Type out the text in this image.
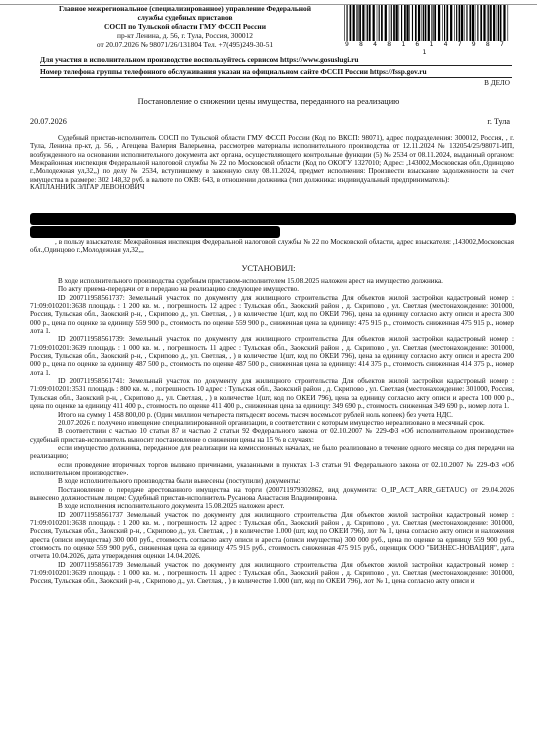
Главное межрегиональное (специализированное) управление Федеральной
службы судебных приставов
СОСП по Тульской области ГМУ ФССП России
пр-кт Ленина, д. 56, г. Тула, Россия, 300012
от 20.07.2026 № 98071/26/131804 Тел. +7(495)249-30-51	9 8 4 8 1 6 1 4 7 9 8 7 1
Для участия в исполнительном производстве воспользуйтесь сервисом https://www.gosuslugi.ru
Номер телефона группы телефонного обслуживания указан на официальном сайте ФССП России https://fssp.gov.ru
В ДЕЛО
Постановление о снижении цены имущества, переданного на реализацию
20.07.2026	г. Тула

Судебный пристав-исполнитель СОСП по Тульской области ГМУ ФССП России (Код по ВКСП: 98071), адрес подразделения: 300012, Россия, , г. Тула, Ленина пр-кт, д. 56, , Агещева Валерия Валерьевна, рассмотрев материалы исполнительного производства от 12.11.2024 № 132054/25/98071-ИП, возбужденного на основании исполнительного документа акт органа, осуществляющего контрольные функции (5) № 2534 от 08.11.2024, выданный органом: Межрайонная инспекция Федеральной налоговой службы № 22 по Московской области (Код по ОКОГУ 1327010; Адрес: ,143002,Московская обл.,Одинцово г.,Молодежная ул,32,,) по делу № 2534, вступившему в законную силу 08.11.2024, предмет исполнения: Произвести взыскание задолженности за счет имущества в размере: 302 148,32 руб. в валюте по ОКВ: 643, в отношении должника (тип должника: индивидуальный предприниматель):

КАПЛАННИК ЭЛГАР ЛЕВОНОВИЧ

, в пользу взыскателя: Межрайонная инспекция Федеральной налоговой службы № 22 по Московской области, адрес взыскателя: ,143002,Московская обл.,Одинцово г.,Молодежная ул,32,,,
УСТАНОВИЛ:

В ходе исполнительного производства судебным приставом-исполнителем 15.08.2025 наложен арест на имущество должника.

По акту приема-передачи от в передано на реализацию следующее имущество.

ID 200711958561737: Земельный участок по документу для жилищного строительства Для объектов жилой застройки кадастровый номер : 71:09:010201:3638 площадь : 1 200 кв. м. , погрешность 12 адрес : Тульская обл., Заокский район , д. Скрипово , ул. Светлая (местонахождение: 301000, Россия, Тульская обл., Заокский р-н, , Скрипово д., ул. Светлая, , ) в количестве 1(шт, код по ОКЕИ 796), цена за единицу согласно акту описи и ареста 300 000 р., цена по оценке за единицу 559 900 р., стоимость по оценке 559 900 р., сниженная цена за единицу: 475 915 р., стоимость сниженная 475 915 р., номер лота 1.

ID 200711958561739: Земельный участок по документу для жилищного строительства Для объектов жилой застройки кадастровый номер : 71:09:010201:3639 площадь : 1 000 кв. м. , погрешность 11 адрес : Тульская обл., Заокский район , д. Скрипово , ул. Светлая (местонахождение: 301000, Россия, Тульская обл., Заокский р-н, , Скрипово д., ул. Светлая, , ) в количестве 1(шт, код по ОКЕИ 796), цена за единицу согласно акту описи и ареста 200 000 р., цена по оценке за единицу 487 500 р., стоимость по оценке 487 500 р., сниженная цена за единицу: 414 375 р., стоимость сниженная 414 375 р., номер лота 1.

ID 200711958561741: Земельный участок по документу для жилищного строительства Для объектов жилой застройки кадастровый номер : 71:09:010201:3531 площадь : 800 кв. м. , погрешность 10 адрес : Тульская обл., Заокский район , д. Скрипово , ул. Светлая (местонахождение: 301000, Россия, Тульская обл., Заокский р-н, , Скрипово д., ул. Светлая, , ) в количестве 1(шт, код по ОКЕИ 796), цена за единицу согласно акту описи и ареста 100 000 р., цена по оценке за единицу 411 400 р., стоимость по оценке 411 400 р., сниженная цена за единицу: 349 690 р., стоимость сниженная 349 690 р., номер лота 1.

Итого на сумму 1 458 800,00 р. (Один миллион четыреста пятьдесят восемь тысяч восемьсот рублей ноль копеек) без учета НДС.

20.07.2026 г. получено извещение специализированной организации, в соответствии с которым имущество нереализовано в месячный срок.

В соответствии с частью 10 статьи 87 и частью 2 статьи 92 Федерального закона от 02.10.2007 № 229-ФЗ «Об исполнительном производстве» судебный пристав-исполнитель выносит постановление о снижении цены на 15 % в случаях:

если имущество должника, переданное для реализации на комиссионных началах, не было реализовано в течение одного месяца со дня передачи на реализацию;

если проведение вторичных торгов вызвано причинами, указанными в пунктах 1-3 статьи 91 Федерального закона от 02.10.2007 № 229-ФЗ «Об исполнительном производстве».

В ходе исполнительного производства были вынесены (поступили) документы:

Постановление о передаче арестованного имущества на торги (200711979302862, вид документа: O_IP_ACT_ARR_GETAUC) от 29.04.2026 вынесено должностным лицом: Судебный пристав-исполнитель Русанова Анастасия Владимировна.

В ходе исполнения исполнительного документа 15.08.2025 наложен арест.

ID 200711958561737 Земельный участок по документу для жилищного строительства Для объектов жилой застройки кадастровый номер : 71:09:010201:3638 площадь : 1 200 кв. м. , погрешность 12 адрес : Тульская обл., Заокский район , д. Скрипово , ул. Светлая (местонахождение: 301000, Россия, Тульская обл., Заокский р-н, , Скрипово д., ул. Светлая, , ) в количестве 1.000 (шт, код по ОКЕИ 796), лот № 1, цена согласно акту описи и наложения ареста (описи имущества) 300 000 руб., стоимость согласно акту описи и ареста (описи имущества) 300 000 руб., цена по оценке за единицу 559 900 руб., стоимость по оценке 559 900 руб., сниженная цена за единицу 475 915 руб., стоимость сниженная 475 915 руб., оценщик ООО "БИЗНЕС-НОВАЦИЯ", дата отчета 10.04.2026, дата утверждения оценки 14.04.2026.

ID 200711958561739 Земельный участок по документу для жилищного строительства Для объектов жилой застройки кадастровый номер : 71:09:010201:3639 площадь : 1 000 кв. м. , погрешность 11 адрес : Тульская обл., Заокский район , д. Скрипово , ул. Светлая (местонахождение: 301000, Россия, Тульская обл., Заокский р-н, , Скрипово д., ул. Светлая, , ) в количестве 1.000 (шт, код по ОКЕИ 796), лот № 1, цена согласно акту описи и
